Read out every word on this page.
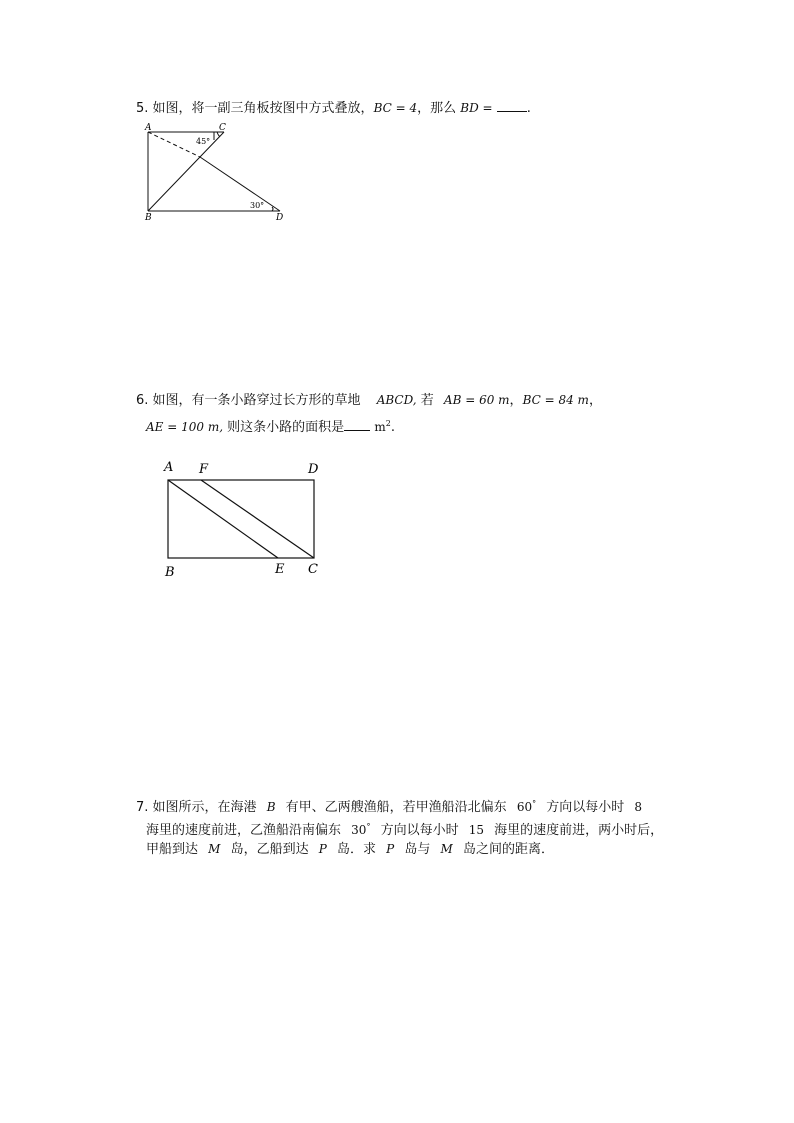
5. 如图，将一副三角板按图中方式叠放，BC = 4，那么 BD =	.
A	C
B	D
45°
30°
6. 如图，有一条小路穿过长方形的草地 ABCD, 若 AB = 60 m，BC = 84 m，
AE = 100 m, 则这条小路的面积是	$m^2$.
A F	D
B	E C
7. 如图所示，在海港 B 有甲、乙两艘渔船，若甲渔船沿北偏东 60° 方向以每小时 8
海里的速度前进，乙渔船沿南偏东 30° 方向以每小时 15 海里的速度前进，两小时后，
甲船到达 M 岛，乙船到达 P 岛．求 P 岛与 M 岛之间的距离．
